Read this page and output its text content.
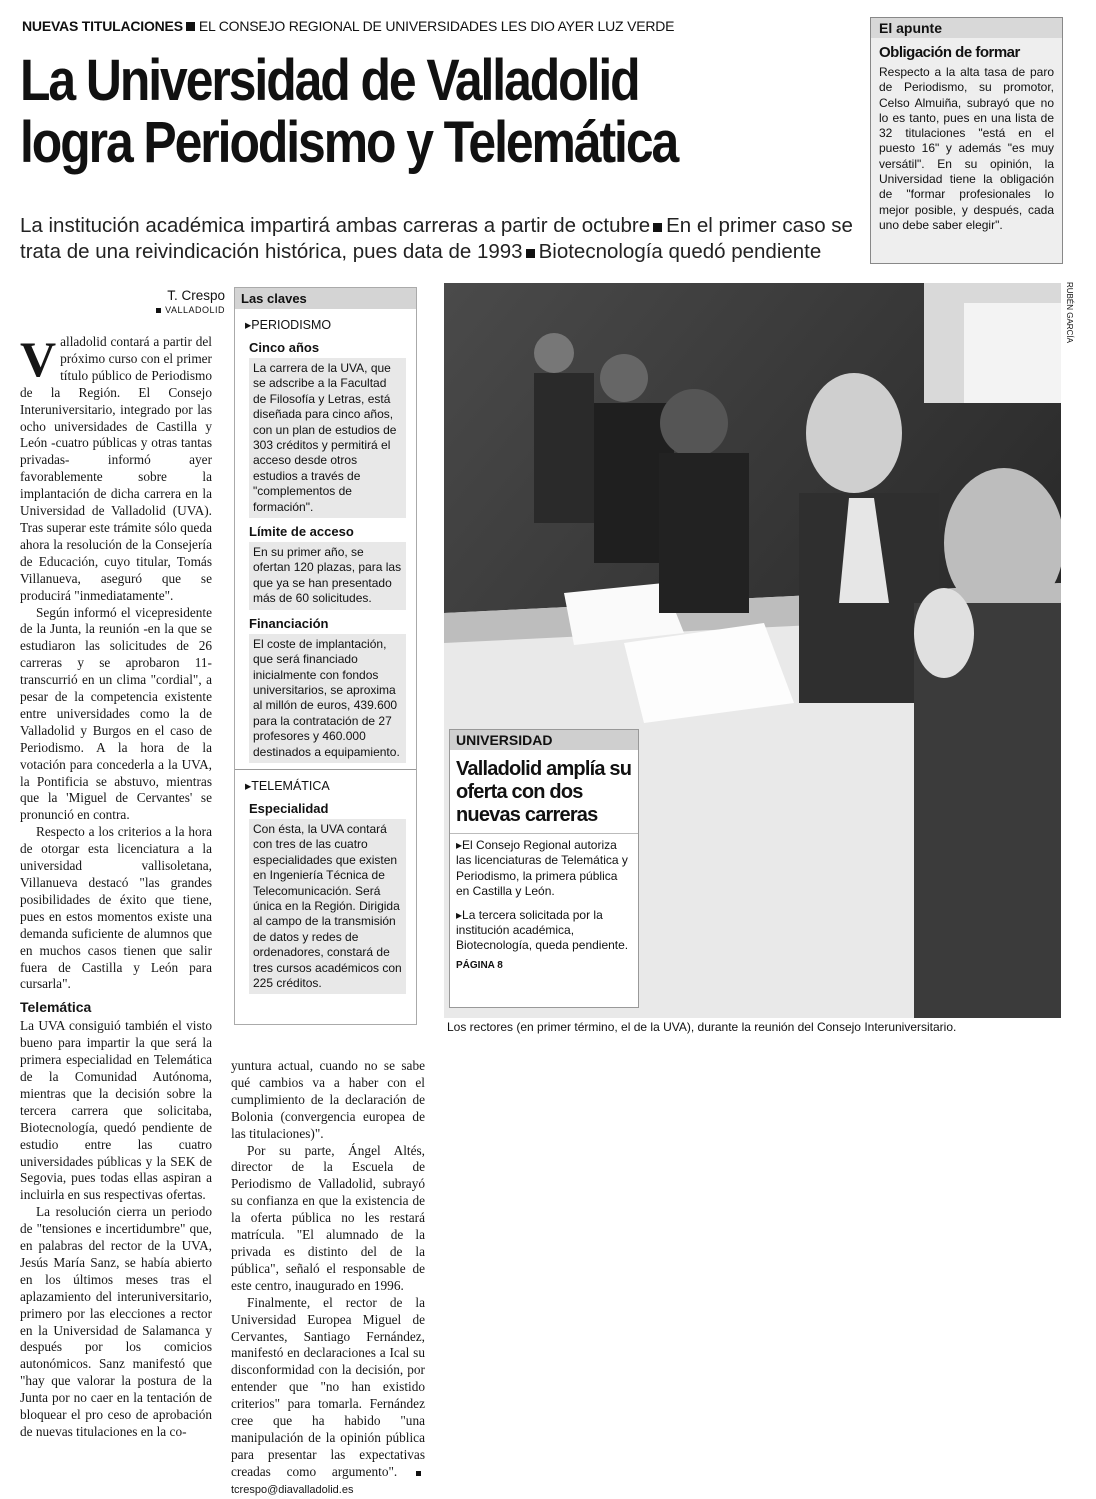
NUEVAS TITULACIONES EL CONSEJO REGIONAL DE UNIVERSIDADES LES DIO AYER LUZ VERDE
La Universidad de Valladolid
logra Periodismo y Telemática
La institución académica impartirá ambas carreras a partir de octubre En el primer caso se trata de una reivindicación histórica, pues data de 1993 Biotecnología quedó pendiente
El apunte
Obligación de formar
Respecto a la alta tasa de paro de Periodismo, su promotor, Celso Almuiña, subrayó que no lo es tanto, pues en una lista de 32 titulaciones "está en el puesto 16" y además "es muy versátil". En su opinión, la Universidad tiene la obligación de "formar profesionales lo mejor posible, y después, cada uno debe saber elegir".
T. Crespo
VALLADOLID

Valladolid contará a partir del próximo curso con el primer título público de Periodismo de la Región. El Consejo Interuniversitario, integrado por las ocho universidades de Castilla y León -cuatro públicas y otras tantas privadas- informó ayer favorablemente sobre la implantación de dicha carrera en la Universidad de Valladolid (UVA). Tras superar este trámite sólo queda ahora la resolución de la Consejería de Educación, cuyo titular, Tomás Villanueva, aseguró que se producirá "inmediatamente".

Según informó el vicepresidente de la Junta, la reunión -en la que se estudiaron las solicitudes de 26 carreras y se aprobaron 11- transcurrió en un clima "cordial", a pesar de la competencia existente entre universidades como la de Valladolid y Burgos en el caso de Periodismo. A la hora de la votación para concederla a la UVA, la Pontificia se abstuvo, mientras que la 'Miguel de Cervantes' se pronunció en contra.

Respecto a los criterios a la hora de otorgar esta licenciatura a la universidad vallisoletana, Villanueva destacó "las grandes posibilidades de éxito que tiene, pues en estos momentos existe una demanda suficiente de alumnos que en muchos casos tienen que salir fuera de Castilla y León para cursarla".

Telemática

La UVA consiguió también el visto bueno para impartir la que será la primera especialidad en Telemática de la Comunidad Autónoma, mientras que la decisión sobre la tercera carrera que solicitaba, Biotecnología, quedó pendiente de estudio entre las cuatro universidades públicas y la SEK de Segovia, pues todas ellas aspiran a incluirla en sus respectivas ofertas.

La resolución cierra un periodo de "tensiones e incertidumbre" que, en palabras del rector de la UVA, Jesús María Sanz, se había abierto en los últimos meses tras el aplazamiento del interuniversitario, primero por las elecciones a rector en la Universidad de Salamanca y después por los comicios autonómicos. Sanz manifestó que "hay que valorar la postura de la Junta por no caer en la tentación de bloquear el pro ceso de aprobación de nuevas titulaciones en la co-

yuntura actual, cuando no se sabe qué cambios va a haber con el cumplimiento de la declaración de Bolonia (convergencia europea de las titulaciones)".

Por su parte, Ángel Altés, director de la Escuela de Periodismo de Valladolid, subrayó su confianza en que la existencia de la oferta pública no les restará matrícula. "El alumnado de la privada es distinto del de la pública", señaló el responsable de este centro, inaugurado en 1996.

Finalmente, el rector de la Universidad Europea Miguel de Cervantes, Santiago Fernández, manifestó en declaraciones a Ical su disconformidad con la decisión, por entender que "no han existido criterios" para tomarla. Fernández cree que ha habido "una manipulación de la opinión pública para presentar las expectativas creadas como argumento". tcrespo@diavalladolid.es

Las claves
▸PERIODISMO
Cinco años
La carrera de la UVA, que se adscribe a la Facultad de Filosofía y Letras, está diseñada para cinco años, con un plan de estudios de 303 créditos y permitirá el acceso desde otros estudios a través de "complementos de formación".
Límite de acceso
En su primer año, se ofertan 120 plazas, para las que ya se han presentado más de 60 solicitudes.
Financiación
El coste de implantación, que será financiado inicialmente con fondos universitarios, se aproxima al millón de euros, 439.600 para la contratación de 27 profesores y 460.000 destinados a equipamiento.
▸TELEMÁTICA
Especialidad
Con ésta, la UVA contará con tres de las cuatro especialidades que existen en Ingeniería Técnica de Telecomunicación. Será única en la Región. Dirigida al campo de la transmisión de datos y redes de ordenadores, constará de tres cursos académicos con 225 créditos.
RUBÉN GARCÍA
UNIVERSIDAD
Valladolid amplía su oferta con dos nuevas carreras
▸El Consejo Regional autoriza las licenciaturas de Telemática y Periodismo, la primera pública en Castilla y León.
▸La tercera solicitada por la institución académica, Biotecnología, queda pendiente.
PÁGINA 8
Los rectores (en primer término, el de la UVA), durante la reunión del Consejo Interuniversitario.
